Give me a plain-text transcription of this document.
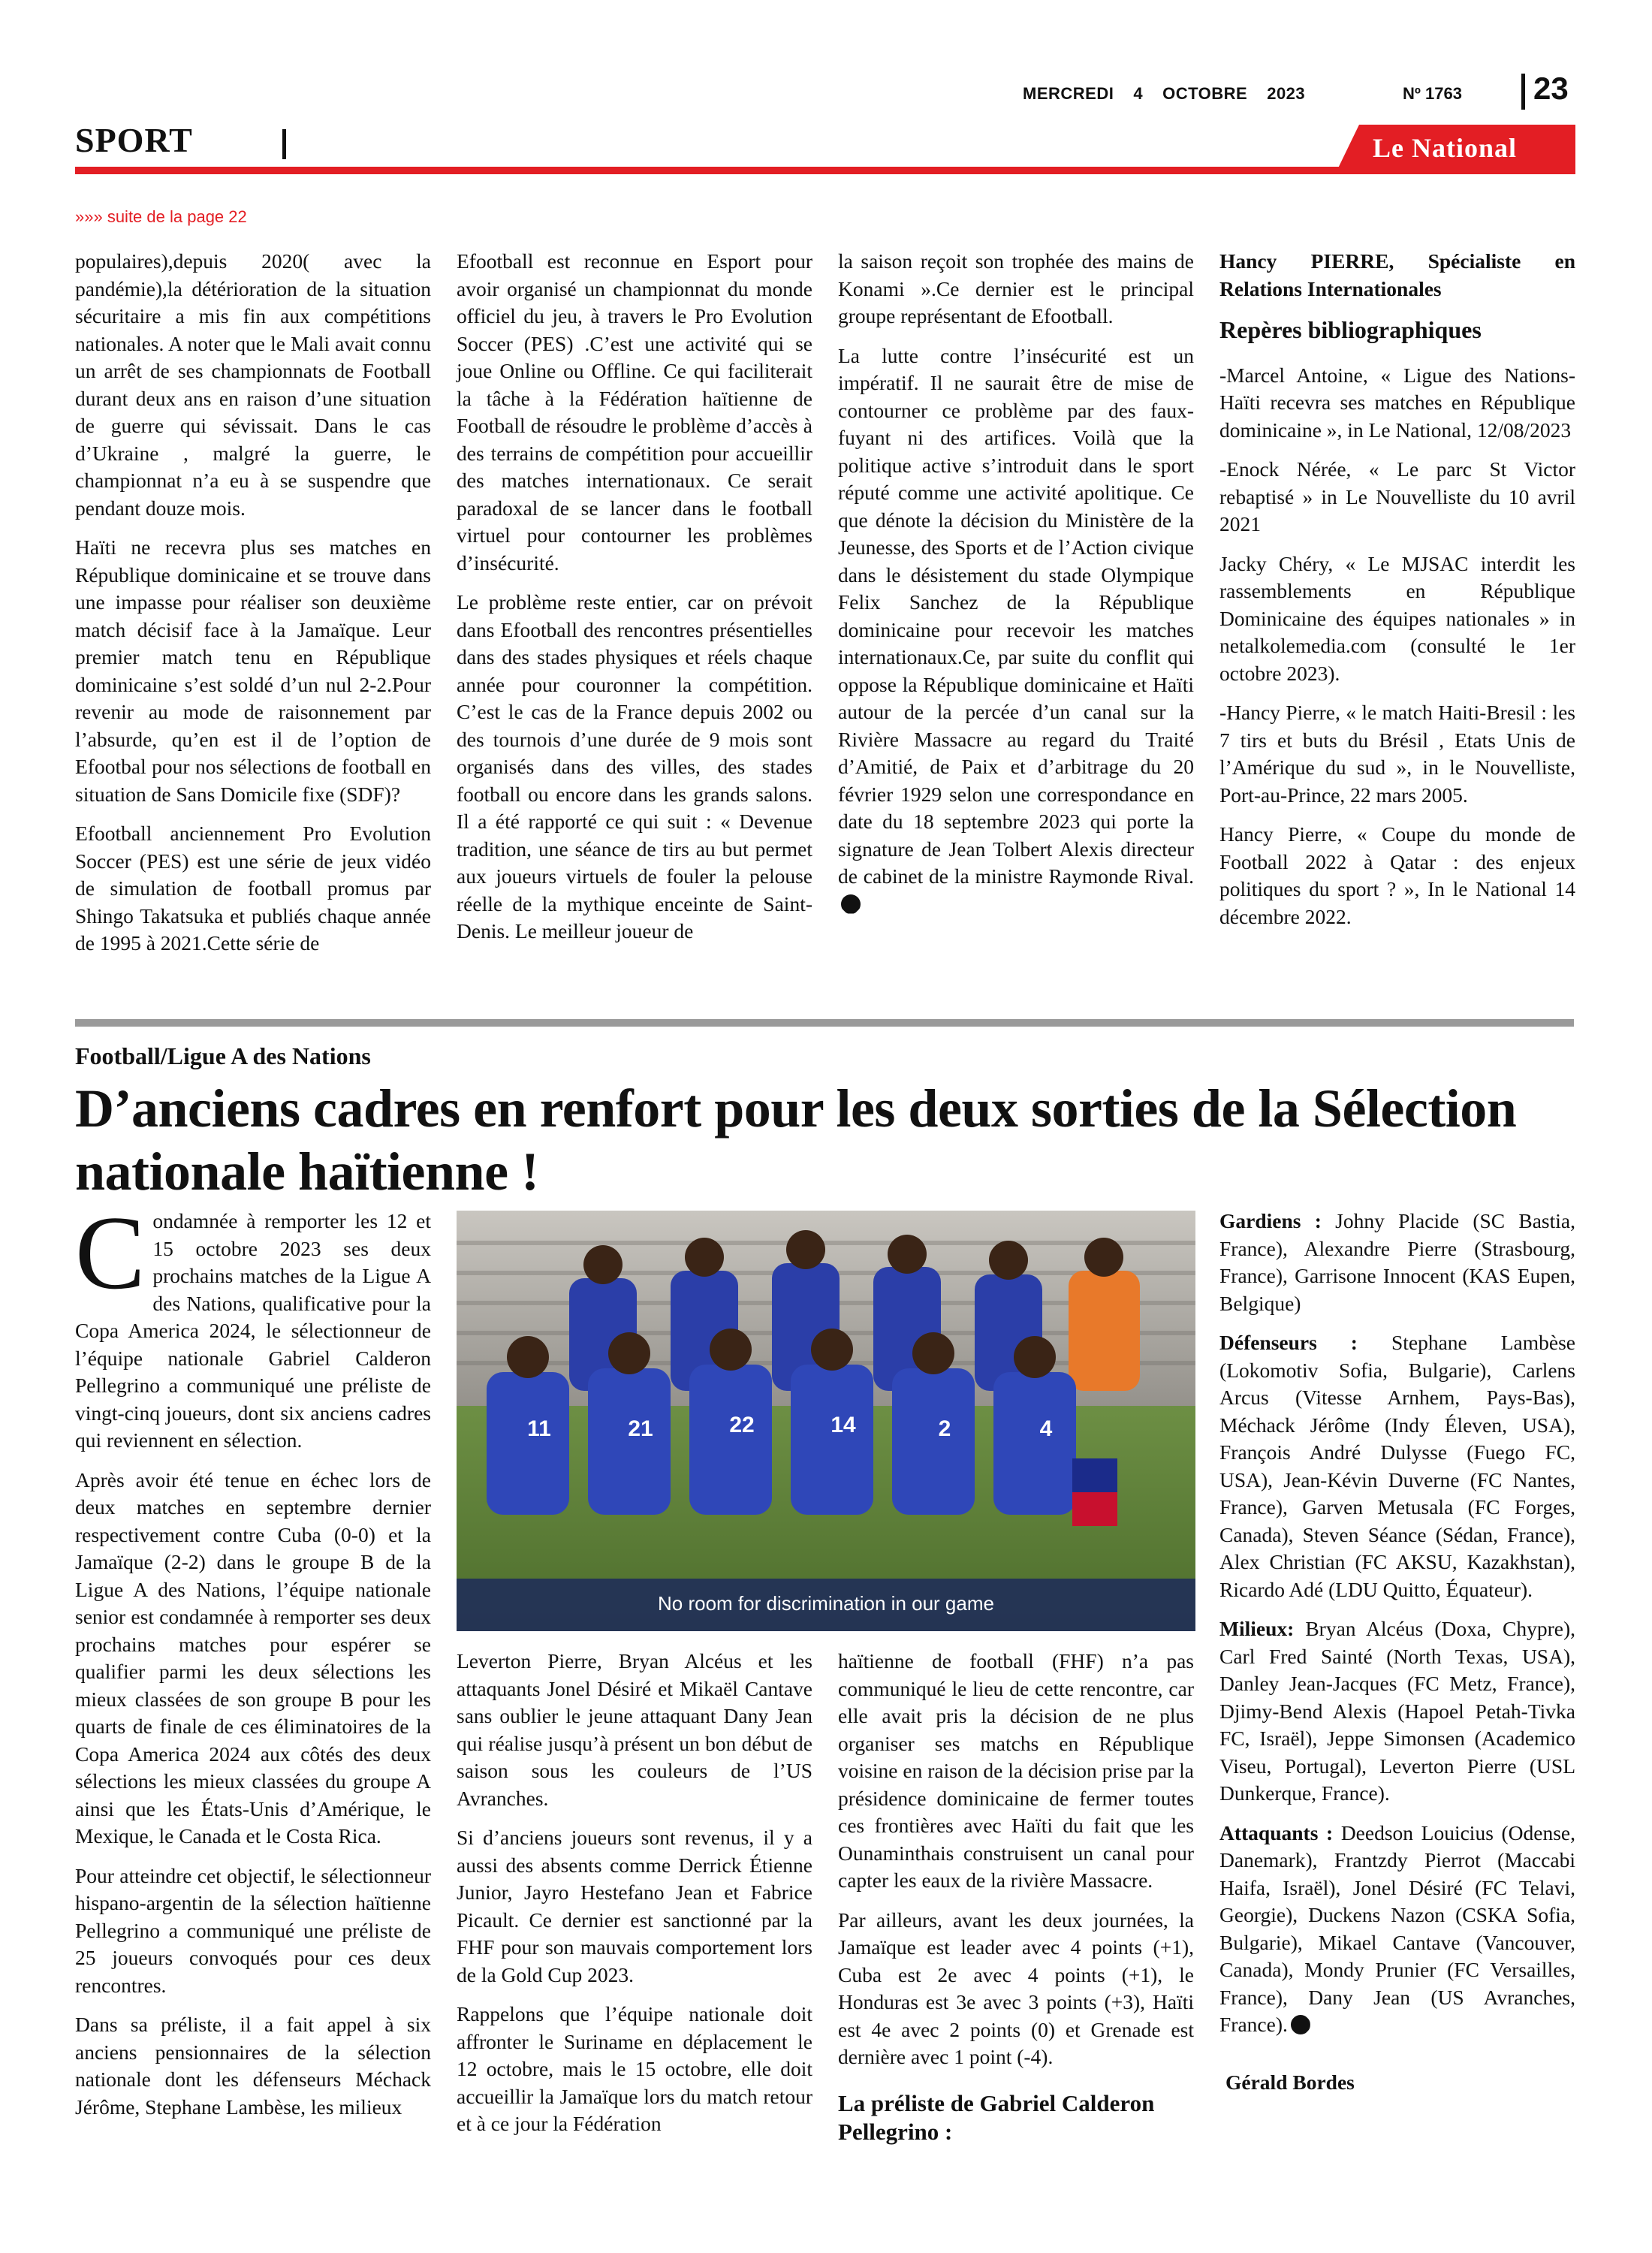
MERCREDI 4 OCTOBRE 2023	Nº 1763 23
SPORT	Le National
»»» suite de la page 22

populaires),depuis 2020( avec la pandémie),la détérioration de la situation sécuritaire a mis fin aux compétitions nationales. A noter que le Mali avait connu un arrêt de ses championnats de Football durant deux ans en raison d’une situation de guerre qui sévissait. Dans le cas d’Ukraine , malgré la guerre, le championnat n’a eu à se suspendre que pendant douze mois.

Haïti ne recevra plus ses matches en République dominicaine et se trouve dans une impasse pour réaliser son deuxième match décisif face à la Jamaïque. Leur premier match tenu en République dominicaine s’est soldé d’un nul 2-2.Pour revenir au mode de raisonnement par l’absurde, qu’en est il de l’option de Efootbal pour nos sélections de football en situation de Sans Domicile fixe (SDF)?

Efootball anciennement Pro Evolution Soccer (PES) est une série de jeux vidéo de simulation de football promus par Shingo Takatsuka et publiés chaque année de 1995 à 2021.Cette série de

Efootball est reconnue en Esport pour avoir organisé un championnat du monde officiel du jeu, à travers le Pro Evolution Soccer (PES) .C’est une activité qui se joue Online ou Offline. Ce qui faciliterait la tâche à la Fédération haïtienne de Football de résoudre le problème d’accès à des terrains de compétition pour accueillir des matches internationaux. Ce serait paradoxal de se lancer dans le football virtuel pour contourner les problèmes d’insécurité.

Le problème reste entier, car on prévoit dans Efootball des rencontres présentielles dans des stades physiques et réels chaque année pour couronner la compétition. C’est le cas de la France depuis 2002 ou des tournois d’une durée de 9 mois sont organisés dans des villes, des stades football ou encore dans les grands salons. Il a été rapporté ce qui suit : « Devenue tradition, une séance de tirs au but permet aux joueurs virtuels de fouler la pelouse réelle de la mythique enceinte de Saint-Denis. Le meilleur joueur de

la saison reçoit son trophée des mains de Konami ».Ce dernier est le principal groupe représentant de Efootball.

La lutte contre l’insécurité est un impératif. Il ne saurait être de mise de contourner ce problème par des faux-fuyant ni des artifices. Voilà que la politique active s’introduit dans le sport réputé comme une activité apolitique. Ce que dénote la décision du Ministère de la Jeunesse, des Sports et de l’Action civique dans le désistement du stade Olympique Felix Sanchez de la République dominicaine pour recevoir les matches internationaux.Ce, par suite du conflit qui oppose la République dominicaine et Haïti autour de la percée d’un canal sur la Rivière Massacre au regard du Traité d’Amitié, de Paix et d’arbitrage du 20 février 1929 selon une correspondance en date du 18 septembre 2023 qui porte la signature de Jean Tolbert Alexis directeur de cabinet de la ministre Raymonde Rival.

Hancy PIERRE, Spécialiste en Relations Internationales

Repères bibliographiques

-Marcel Antoine, « Ligue des Nations-Haïti recevra ses matches en République dominicaine », in Le National, 12/08/2023

-Enock Nérée, « Le parc St Victor rebaptisé » in Le Nouvelliste du 10 avril 2021

Jacky Chéry, « Le MJSAC interdit les rassemblements en République Dominicaine des équipes nationales » in netalkolemedia.com (consulté le 1er octobre 2023).

-Hancy Pierre, « le match Haiti-Bresil : les 7 tirs et buts du Brésil , Etats Unis de l’Amérique du sud », in le Nouvelliste, Port-au-Prince, 22 mars 2005.

Hancy Pierre, « Coupe du monde de Football 2022 à Qatar : des enjeux politiques du sport ? », In le National 14 décembre 2022.

Football/Ligue A des Nations
D’anciens cadres en renfort pour les deux sorties de la Sélection nationale haïtienne !

Condamnée à remporter les 12 et 15 octobre 2023 ses deux prochains matches de la Ligue A des Nations, qualificative pour la Copa America 2024, le sélectionneur de l’équipe nationale Gabriel Calderon Pellegrino a communiqué une préliste de vingt-cinq joueurs, dont six anciens cadres qui reviennent en sélection.

Après avoir été tenue en échec lors de deux matches en septembre dernier respectivement contre Cuba (0-0) et la Jamaïque (2-2) dans le groupe B de la Ligue A des Nations, l’équipe nationale senior est condamnée à remporter ses deux prochains matches pour espérer se qualifier parmi les deux sélections les mieux classées de son groupe B pour les quarts de finale de ces éliminatoires de la Copa America 2024 aux côtés des deux sélections les mieux classées du groupe A ainsi que les États-Unis d’Amérique, le Mexique, le Canada et le Costa Rica.

Pour atteindre cet objectif, le sélectionneur hispano-argentin de la sélection haïtienne Pellegrino a communiqué une préliste de 25 joueurs convoqués pour ces deux rencontres.

Dans sa préliste, il a fait appel à six anciens pensionnaires de la sélection nationale dont les défenseurs Méchack Jérôme, Stephane Lambèse, les milieux

11	21	22	14	2	4
No room for discrimination in our game

Leverton Pierre, Bryan Alcéus et les attaquants Jonel Désiré et Mikaël Cantave sans oublier le jeune attaquant Dany Jean qui réalise jusqu’à présent un bon début de saison sous les couleurs de l’US Avranches.

Si d’anciens joueurs sont revenus, il y a aussi des absents comme Derrick Étienne Junior, Jayro Hestefano Jean et Fabrice Picault. Ce dernier est sanctionné par la FHF pour son mauvais comportement lors de la Gold Cup 2023.

Rappelons que l’équipe nationale doit affronter le Suriname en déplacement le 12 octobre, mais le 15 octobre, elle doit accueillir la Jamaïque lors du match retour et à ce jour la Fédération

haïtienne de football (FHF) n’a pas communiqué le lieu de cette rencontre, car elle avait pris la décision de ne plus organiser ses matchs en République voisine en raison de la décision prise par la présidence dominicaine de fermer toutes ces frontières avec Haïti du fait que les Ounaminthais construisent un canal pour capter les eaux de la rivière Massacre.

Par ailleurs, avant les deux journées, la Jamaïque est leader avec 4 points (+1), Cuba est 2e avec 4 points (+1), le Honduras est 3e avec 3 points (+3), Haïti est 4e avec 2 points (0) et Grenade est dernière avec 1 point (-4).

La préliste de Gabriel Calderon Pellegrino :

Gardiens : Johny Placide (SC Bastia, France), Alexandre Pierre (Strasbourg, France), Garrisone Innocent (KAS Eupen, Belgique)

Défenseurs : Stephane Lambèse (Lokomotiv Sofia, Bulgarie), Carlens Arcus (Vitesse Arnhem, Pays-Bas), Méchack Jérôme (Indy Éleven, USA), François André Dulysse (Fuego FC, USA), Jean-Kévin Duverne (FC Nantes, France), Garven Metusala (FC Forges, Canada), Steven Séance (Sédan, France), Alex Christian (FC AKSU, Kazakhstan), Ricardo Adé (LDU Quitto, Équateur).

Milieux: Bryan Alcéus (Doxa, Chypre), Carl Fred Sainté (North Texas, USA), Danley Jean-Jacques (FC Metz, France), Djimy-Bend Alexis (Hapoel Petah-Tivka FC, Israël), Jeppe Simonsen (Academico Viseu, Portugal), Leverton Pierre (USL Dunkerque, France).

Attaquants : Deedson Louicius (Odense, Danemark), Frantzdy Pierrot (Maccabi Haifa, Israël), Jonel Désiré (FC Telavi, Georgie), Duckens Nazon (CSKA Sofia, Bulgarie), Mikael Cantave (Vancouver, Canada), Mondy Prunier (FC Versailles, France), Dany Jean (US Avranches, France).

Gérald Bordes
